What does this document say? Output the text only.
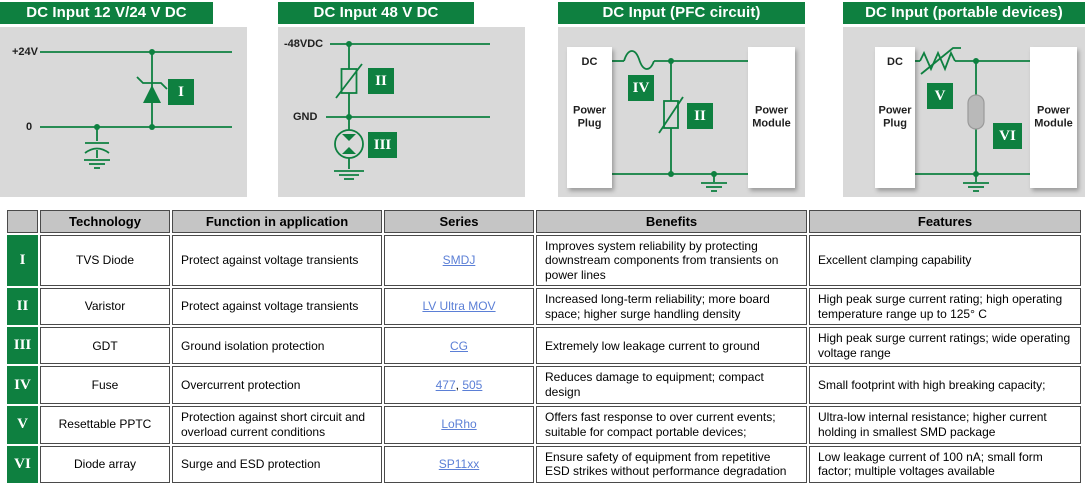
DC Input 12 V/24 V DC	DC Input 48 V DC	DC Input (PFC circuit)	DC Input (portable devices)
+24V
0
I
-48VDC
GND
II
III
DC
Power Plug
Power Module
IV
II
DC
Power Plug
Power Module
V
VI
	Technology	Function in application	Series	Benefits	Features
I	TVS Diode	Protect against voltage transients	SMDJ	Improves system reliability by protecting downstream components from transients on power lines	Excellent clamping capability
II	Varistor	Protect against voltage transients	LV Ultra MOV	Increased long-term reliability; more board space; higher surge handling density	High peak surge current rating; high operating temperature range up to 125° C
III	GDT	Ground isolation protection	CG	Extremely low leakage current to ground	High peak surge current ratings; wide operating voltage range
IV	Fuse	Overcurrent protection	477, 505	Reduces damage to equipment; compact design	Small footprint with high breaking capacity;
V	Resettable PPTC	Protection against short circuit and overload current conditions	LoRho	Offers fast response to over current events; suitable for compact portable devices;	Ultra-low internal resistance; higher current holding in smallest SMD package
VI	Diode array	Surge and ESD protection	SP11xx	Ensure safety of equipment from repetitive ESD strikes without performance degradation	Low leakage current of 100 nA; small form factor; multiple voltages available
